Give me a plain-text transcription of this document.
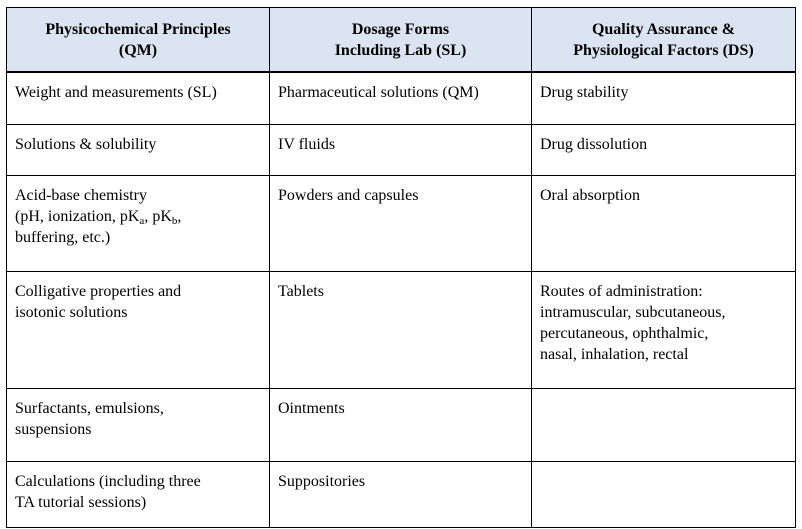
Physicochemical Principles
(QM)	Dosage Forms
Including Lab (SL)	Quality Assurance &
Physiological Factors (DS)

Weight and measurements (SL)	Pharmaceutical solutions (QM)	Drug stability
Solutions & solubility	IV fluids	Drug dissolution

Acid-base chemistry
(pH, ionization, $pK_a$, $pK_b$,
buffering, etc.)	Powders and capsules	Oral absorption

Colligative properties and
isotonic solutions	Tablets	Routes of administration:
intramuscular, subcutaneous,
percutaneous, ophthalmic,
nasal, inhalation, rectal

Surfactants, emulsions,
suspensions	Ointments	

Calculations (including three
TA tutorial sessions)	Suppositories	
